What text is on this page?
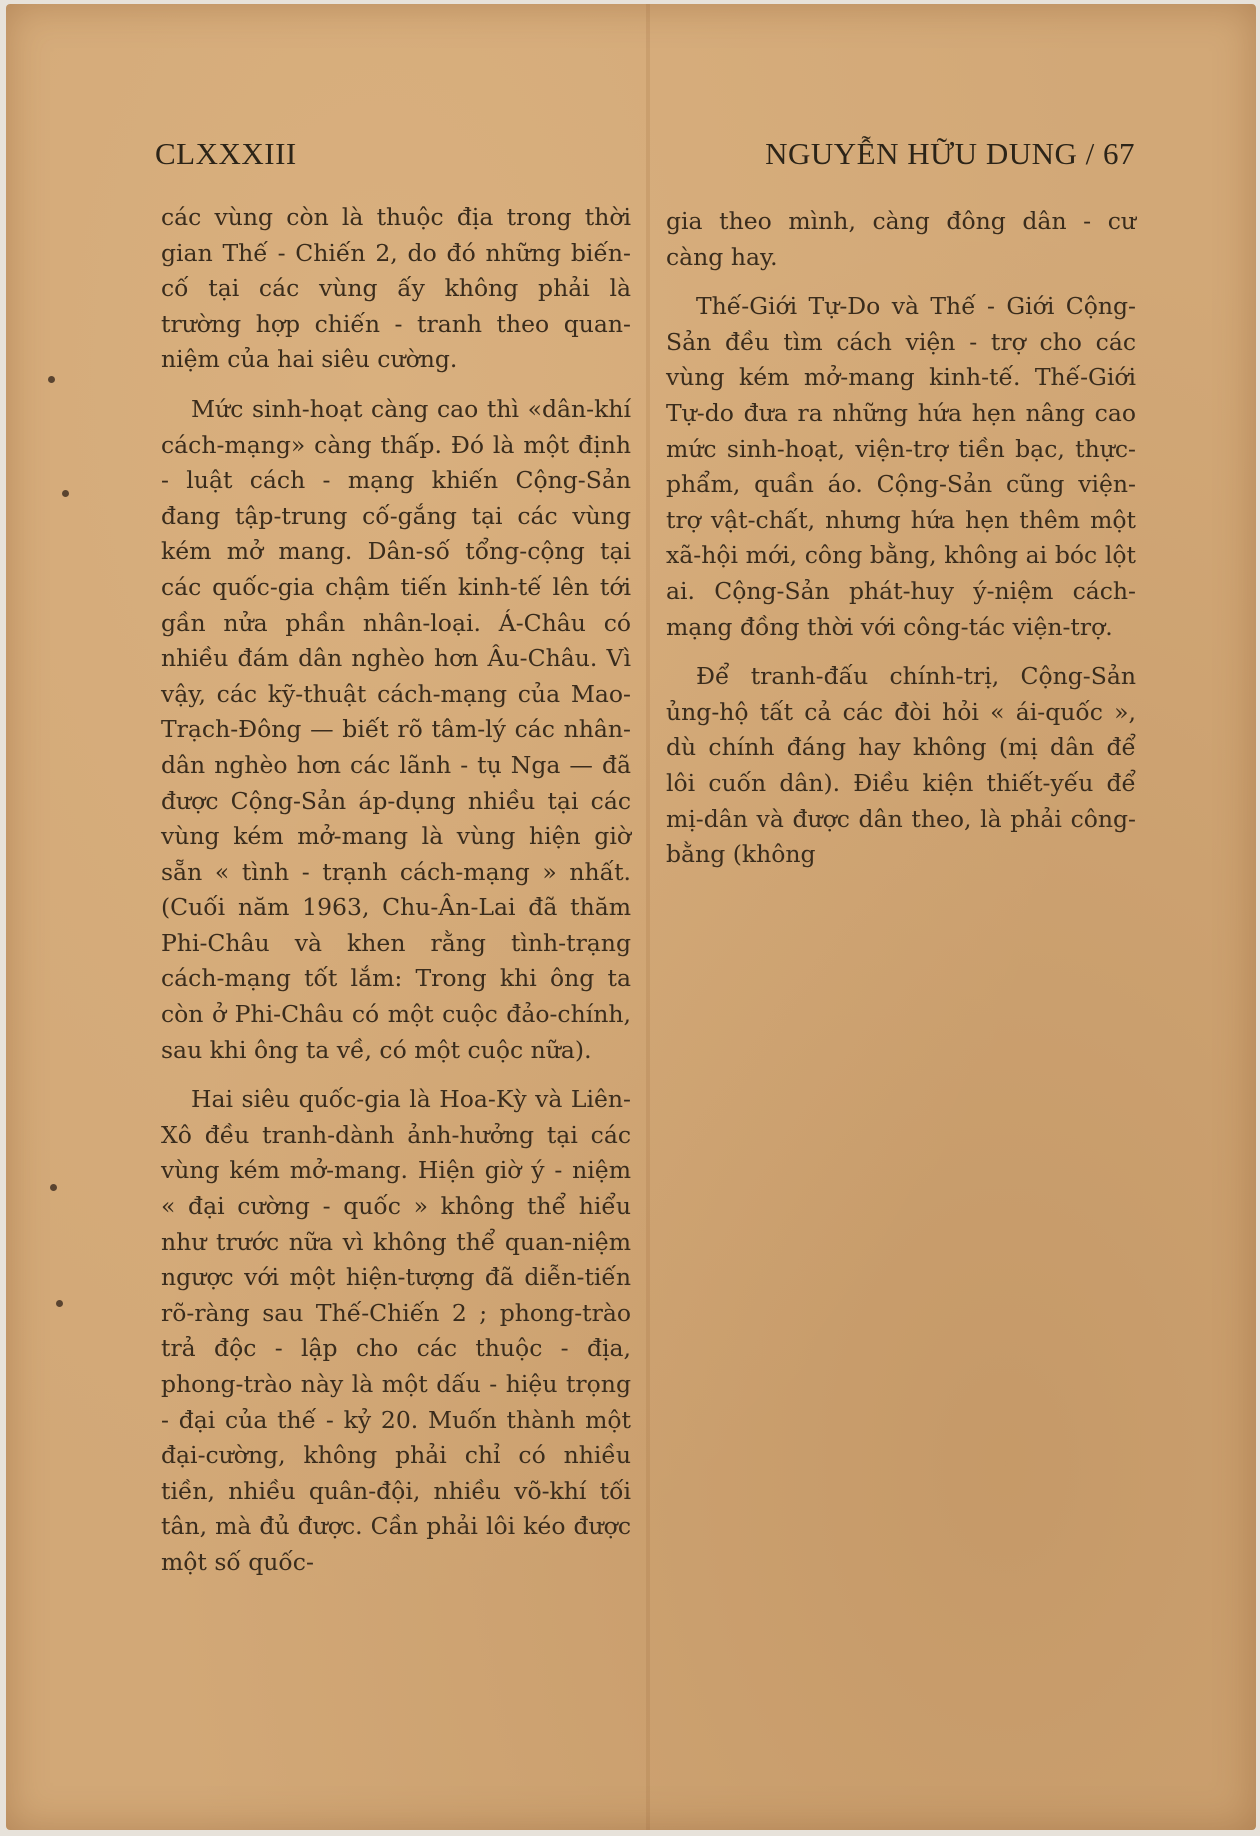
CLXXXIII	NGUYỄN HỮU DUNG / 67

các vùng còn là thuộc địa trong thời gian Thế - Chiến 2, do đó những biến-cố tại các vùng ấy không phải là trường hợp chiến - tranh theo quan-niệm của hai siêu cường.

Mức sinh-hoạt càng cao thì «dân-khí cách-mạng» càng thấp. Đó là một định - luật cách - mạng khiến Cộng-Sản đang tập-trung cố-gắng tại các vùng kém mở mang. Dân-số tổng-cộng tại các quốc-gia chậm tiến kinh-tế lên tới gần nửa phần nhân-loại. Á-Châu có nhiều đám dân nghèo hơn Âu-Châu. Vì vậy, các kỹ-thuật cách-mạng của Mao-Trạch-Đông — biết rõ tâm-lý các nhân-dân nghèo hơn các lãnh - tụ Nga — đã được Cộng-Sản áp-dụng nhiều tại các vùng kém mở-mang là vùng hiện giờ sẵn « tình - trạnh cách-mạng » nhất. (Cuối năm 1963, Chu-Ân-Lai đã thăm Phi-Châu và khen rằng tình-trạng cách-mạng tốt lắm: Trong khi ông ta còn ở Phi-Châu có một cuộc đảo-chính, sau khi ông ta về, có một cuộc nữa).

Hai siêu quốc-gia là Hoa-Kỳ và Liên-Xô đều tranh-dành ảnh-hưởng tại các vùng kém mở-mang. Hiện giờ ý - niệm « đại cường - quốc » không thể hiểu như trước nữa vì không thể quan-niệm ngược với một hiện-tượng đã diễn-tiến rõ-ràng sau Thế-Chiến 2 ; phong-trào trả độc - lập cho các thuộc - địa, phong-trào này là một dấu - hiệu trọng - đại của thế - kỷ 20. Muốn thành một đại-cường, không phải chỉ có nhiều tiền, nhiều quân-đội, nhiều võ-khí tối tân, mà đủ được. Cần phải lôi kéo được một số quốc-

gia theo mình, càng đông dân - cư càng hay.

Thế-Giới Tự-Do và Thế - Giới Cộng-Sản đều tìm cách viện - trợ cho các vùng kém mở-mang kinh-tế. Thế-Giới Tự-do đưa ra những hứa hẹn nâng cao mức sinh-hoạt, viện-trợ tiền bạc, thực-phẩm, quần áo. Cộng-Sản cũng viện-trợ vật-chất, nhưng hứa hẹn thêm một xã-hội mới, công bằng, không ai bóc lột ai. Cộng-Sản phát-huy ý-niệm cách-mạng đồng thời với công-tác viện-trợ.

Để tranh-đấu chính-trị, Cộng-Sản ủng-hộ tất cả các đòi hỏi « ái-quốc », dù chính đáng hay không (mị dân để lôi cuốn dân). Điều kiện thiết-yếu để mị-dân và được dân theo, là phải công-bằng (không
